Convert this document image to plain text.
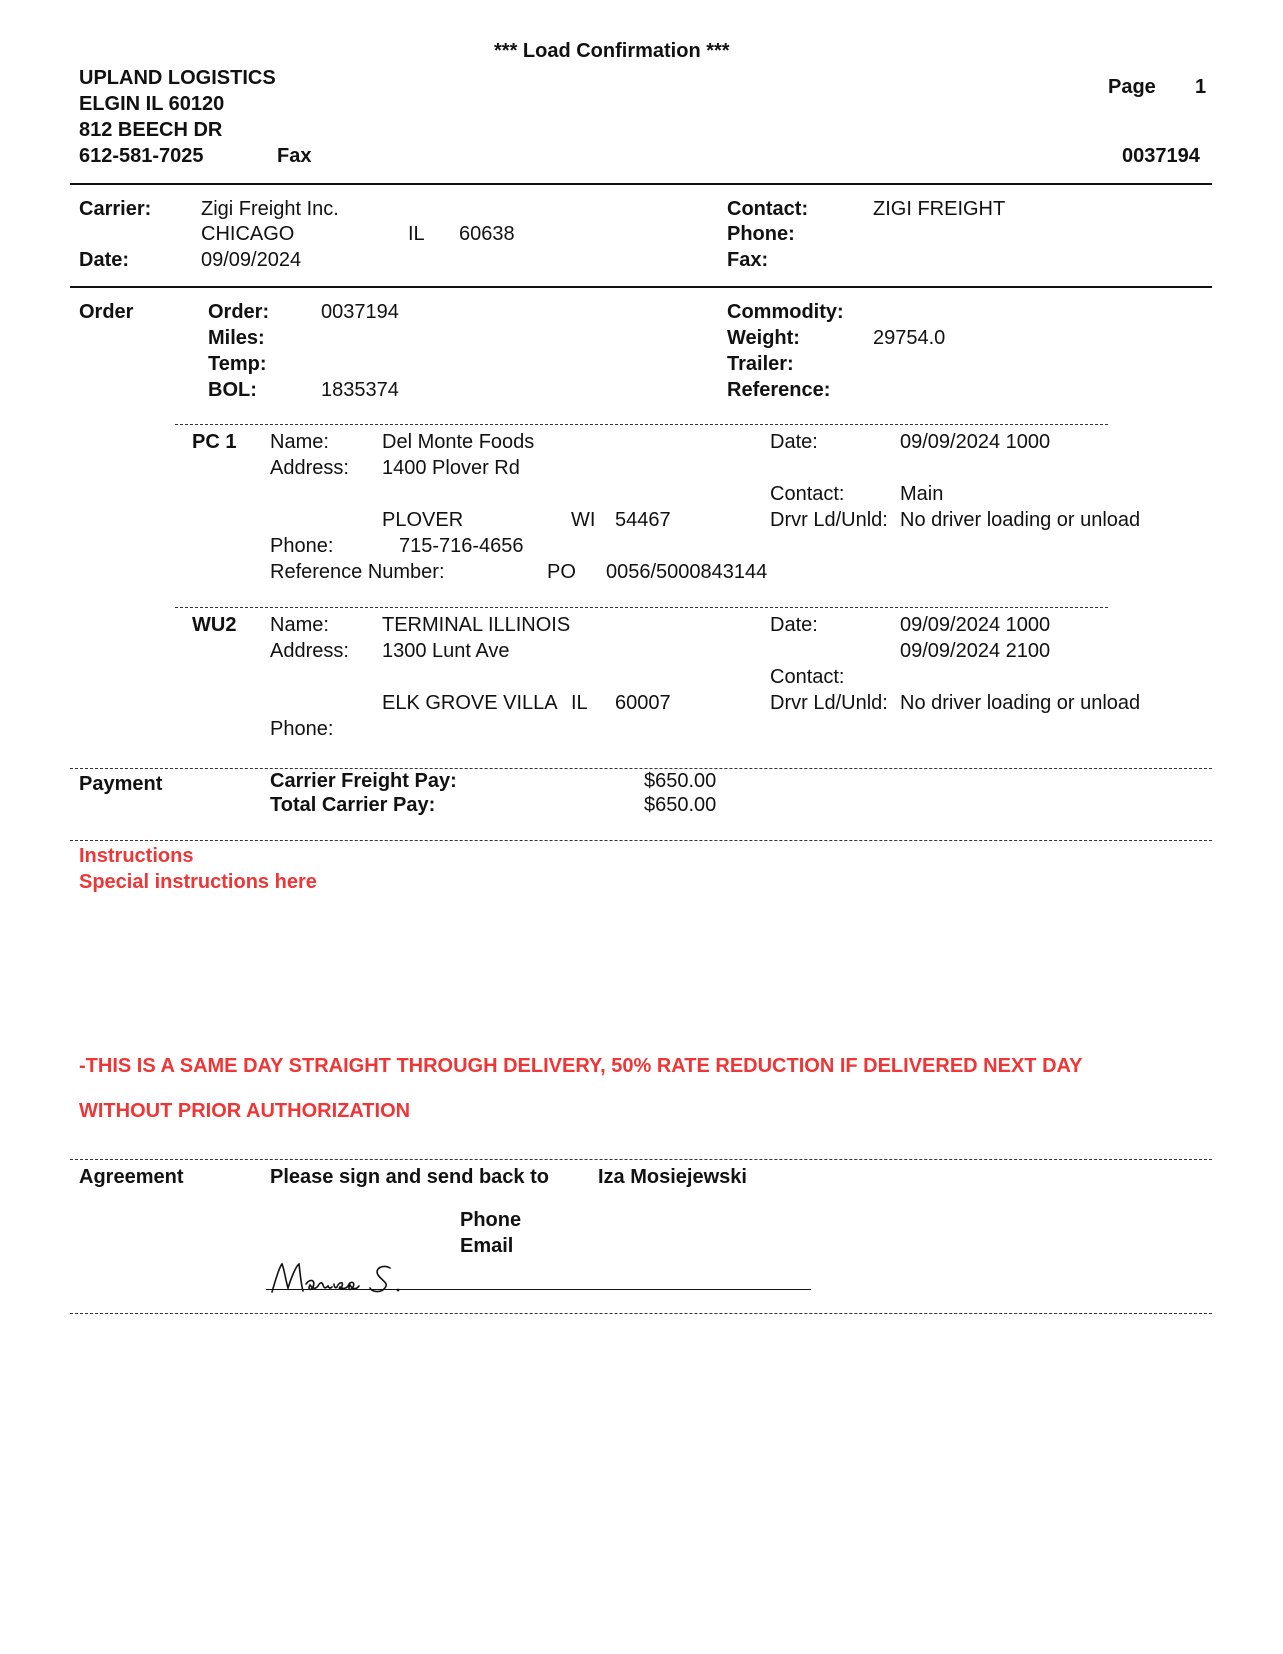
*** Load Confirmation ***
UPLAND LOGISTICS
ELGIN IL 60120
812 BEECH DR
612-581-7025	Fax
Page 1
0037194
Carrier: Zigi Freight Inc.
CHICAGO	IL 60638
Date:	09/09/2024
Contact:	ZIGI FREIGHT
Phone:
Fax:
Order	Order:	0037194
Miles:
Temp:
BOL:	1835374
Commodity:
Weight:	29754.0
Trailer:
Reference:
PC 1 Name:	Del Monte Foods
Address: 1400 Plover Rd
PLOVER	WI 54467
Phone:	715-716-4656
Reference Number:	PO 0056/5000843144
Date:	09/09/2024 1000
Contact:	Main
Drvr Ld/Unld: No driver loading or unload
WU2 Name:	TERMINAL ILLINOIS
Address: 1300 Lunt Ave
ELK GROVE VILLA IL 60007
Phone:
Date:	09/09/2024 1000
09/09/2024 2100
Contact:
Drvr Ld/Unld: No driver loading or unload
Payment	Carrier Freight Pay:	$650.00
Total Carrier Pay:	$650.00
Instructions
Special instructions here
-THIS IS A SAME DAY STRAIGHT THROUGH DELIVERY, 50% RATE REDUCTION IF DELIVERED NEXT DAY
WITHOUT PRIOR AUTHORIZATION
Agreement	Please sign and send back to Iza Mosiejewski
Phone
Email
